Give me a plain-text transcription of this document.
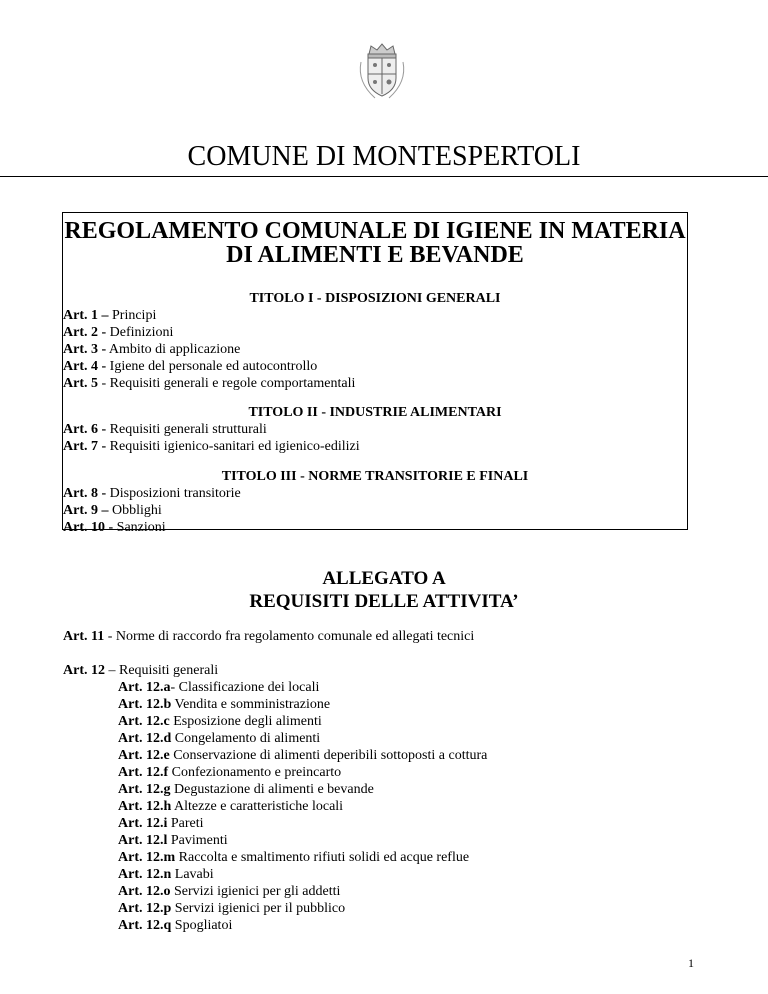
COMUNE DI MONTESPERTOLI
REGOLAMENTO COMUNALE DI IGIENE IN MATERIA
DI ALIMENTI E BEVANDE
TITOLO I - DISPOSIZIONI GENERALI
Art. 1 – Principi
Art. 2 - Definizioni
Art. 3 - Ambito di applicazione
Art. 4 - Igiene del personale ed autocontrollo
Art. 5 - Requisiti generali e regole comportamentali
TITOLO II - INDUSTRIE ALIMENTARI
Art. 6 - Requisiti generali strutturali
Art. 7 - Requisiti igienico-sanitari ed igienico-edilizi
TITOLO III - NORME TRANSITORIE E FINALI
Art. 8 - Disposizioni transitorie
Art. 9 – Obblighi
Art. 10 - Sanzioni
ALLEGATO A
REQUISITI DELLE ATTIVITA’
Art. 11 - Norme di raccordo fra regolamento comunale ed allegati tecnici
Art. 12 – Requisiti generali
Art. 12.a- Classificazione dei locali
Art. 12.b Vendita e somministrazione
Art. 12.c Esposizione degli alimenti
Art. 12.d Congelamento di alimenti
Art. 12.e Conservazione di alimenti deperibili sottoposti a cottura
Art. 12.f Confezionamento e preincarto
Art. 12.g Degustazione di alimenti e bevande
Art. 12.h Altezze e caratteristiche locali
Art. 12.i Pareti
Art. 12.l Pavimenti
Art. 12.m Raccolta e smaltimento rifiuti solidi ed acque reflue
Art. 12.n Lavabi
Art. 12.o Servizi igienici per gli addetti
Art. 12.p Servizi igienici per il pubblico
Art. 12.q Spogliatoi
1
